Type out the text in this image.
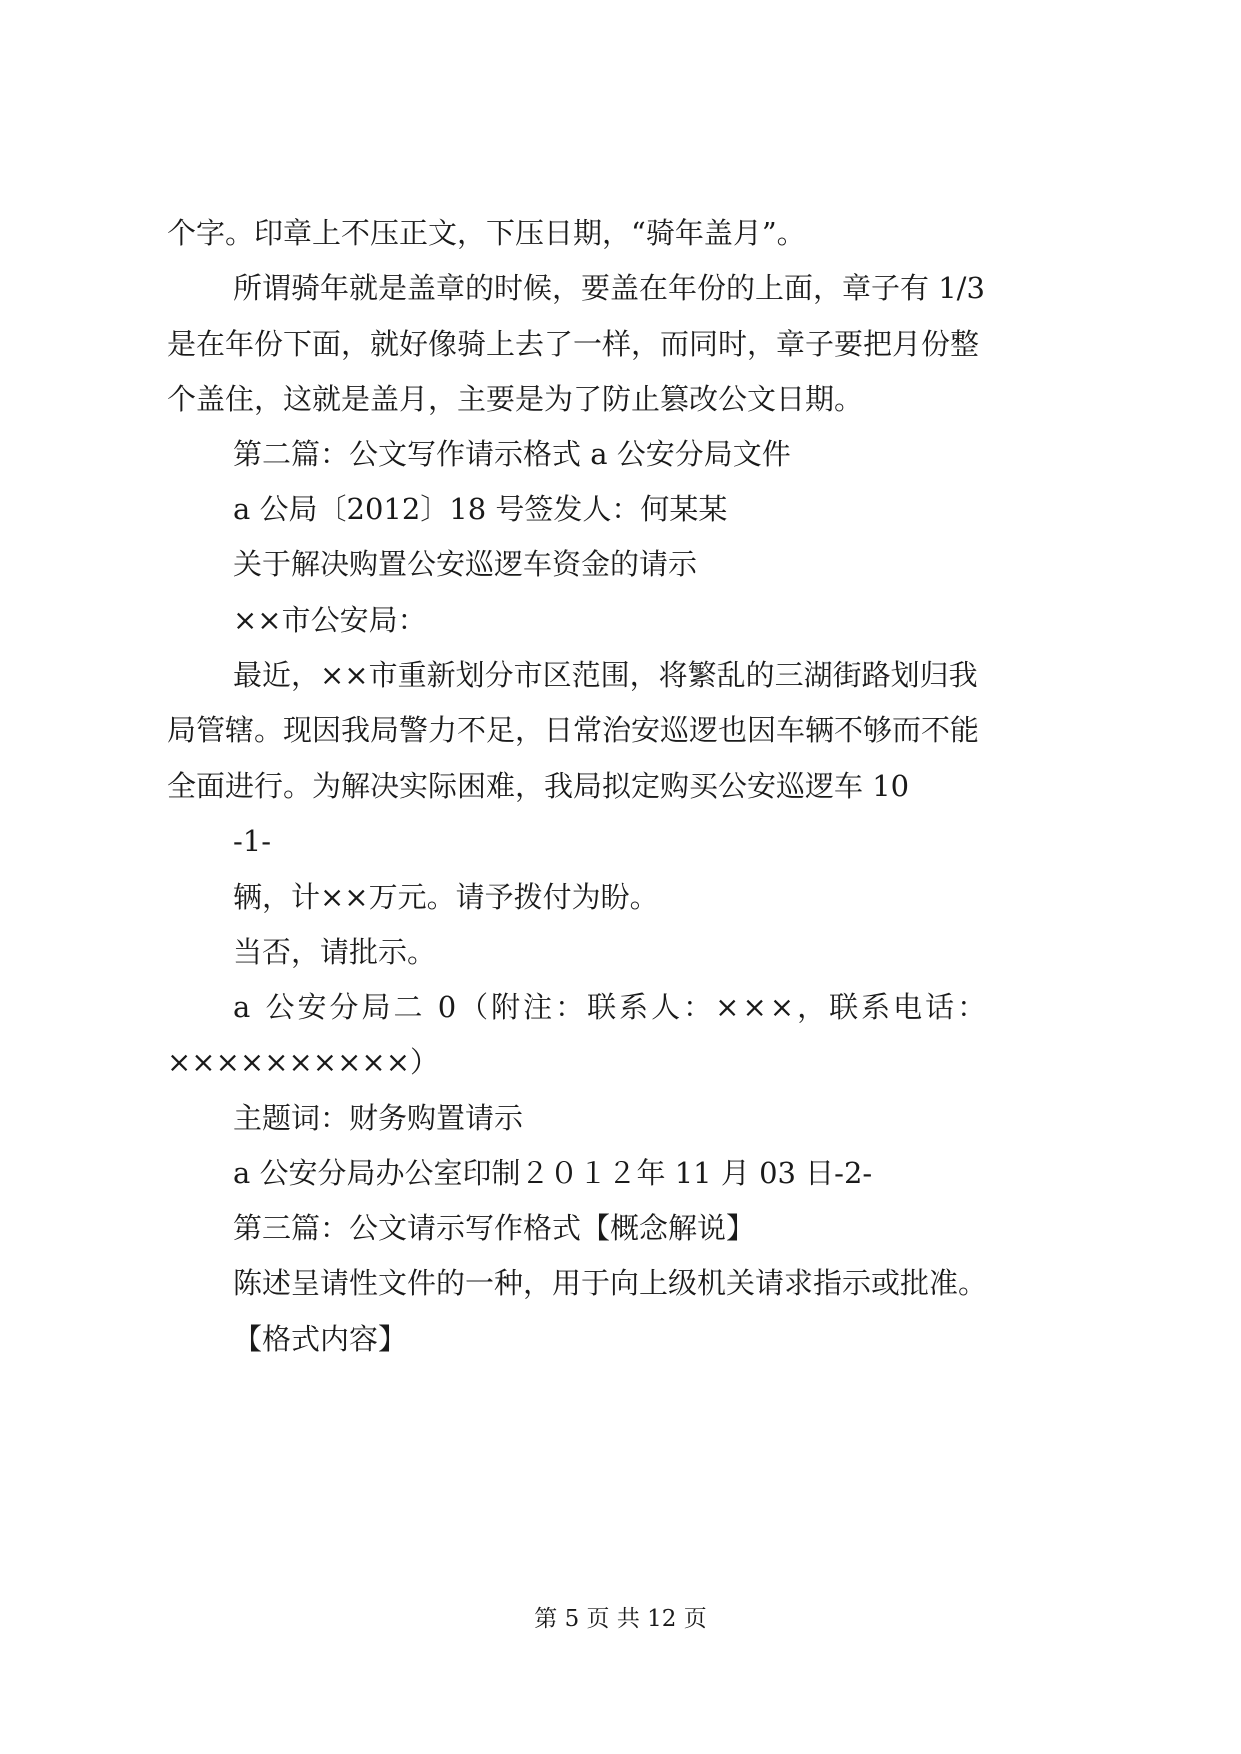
个字。印章上不压正文，下压日期，“骑年盖月”。
所谓骑年就是盖章的时候，要盖在年份的上面，章子有 1/3
是在年份下面，就好像骑上去了一样，而同时，章子要把月份整
个盖住，这就是盖月，主要是为了防止篡改公文日期。
第二篇：公文写作请示格式 a 公安分局文件
a 公局〔2012〕18 号签发人：何某某
关于解决购置公安巡逻车资金的请示
××市公安局：
最近，××市重新划分市区范围，将繁乱的三湖街路划归我
局管辖。现因我局警力不足，日常治安巡逻也因车辆不够而不能
全面进行。为解决实际困难，我局拟定购买公安巡逻车 10
-1-
辆，计××万元。请予拨付为盼。
当否，请批示。
a 公安分局二 0（附注：联系人：×××，联系电话：
××××××××××）
主题词：财务购置请示
a 公安分局办公室印制２０１２年 11 月 03 日-2-
第三篇：公文请示写作格式【概念解说】
陈述呈请性文件的一种，用于向上级机关请求指示或批准。
【格式内容】
第 5 页 共 12 页
